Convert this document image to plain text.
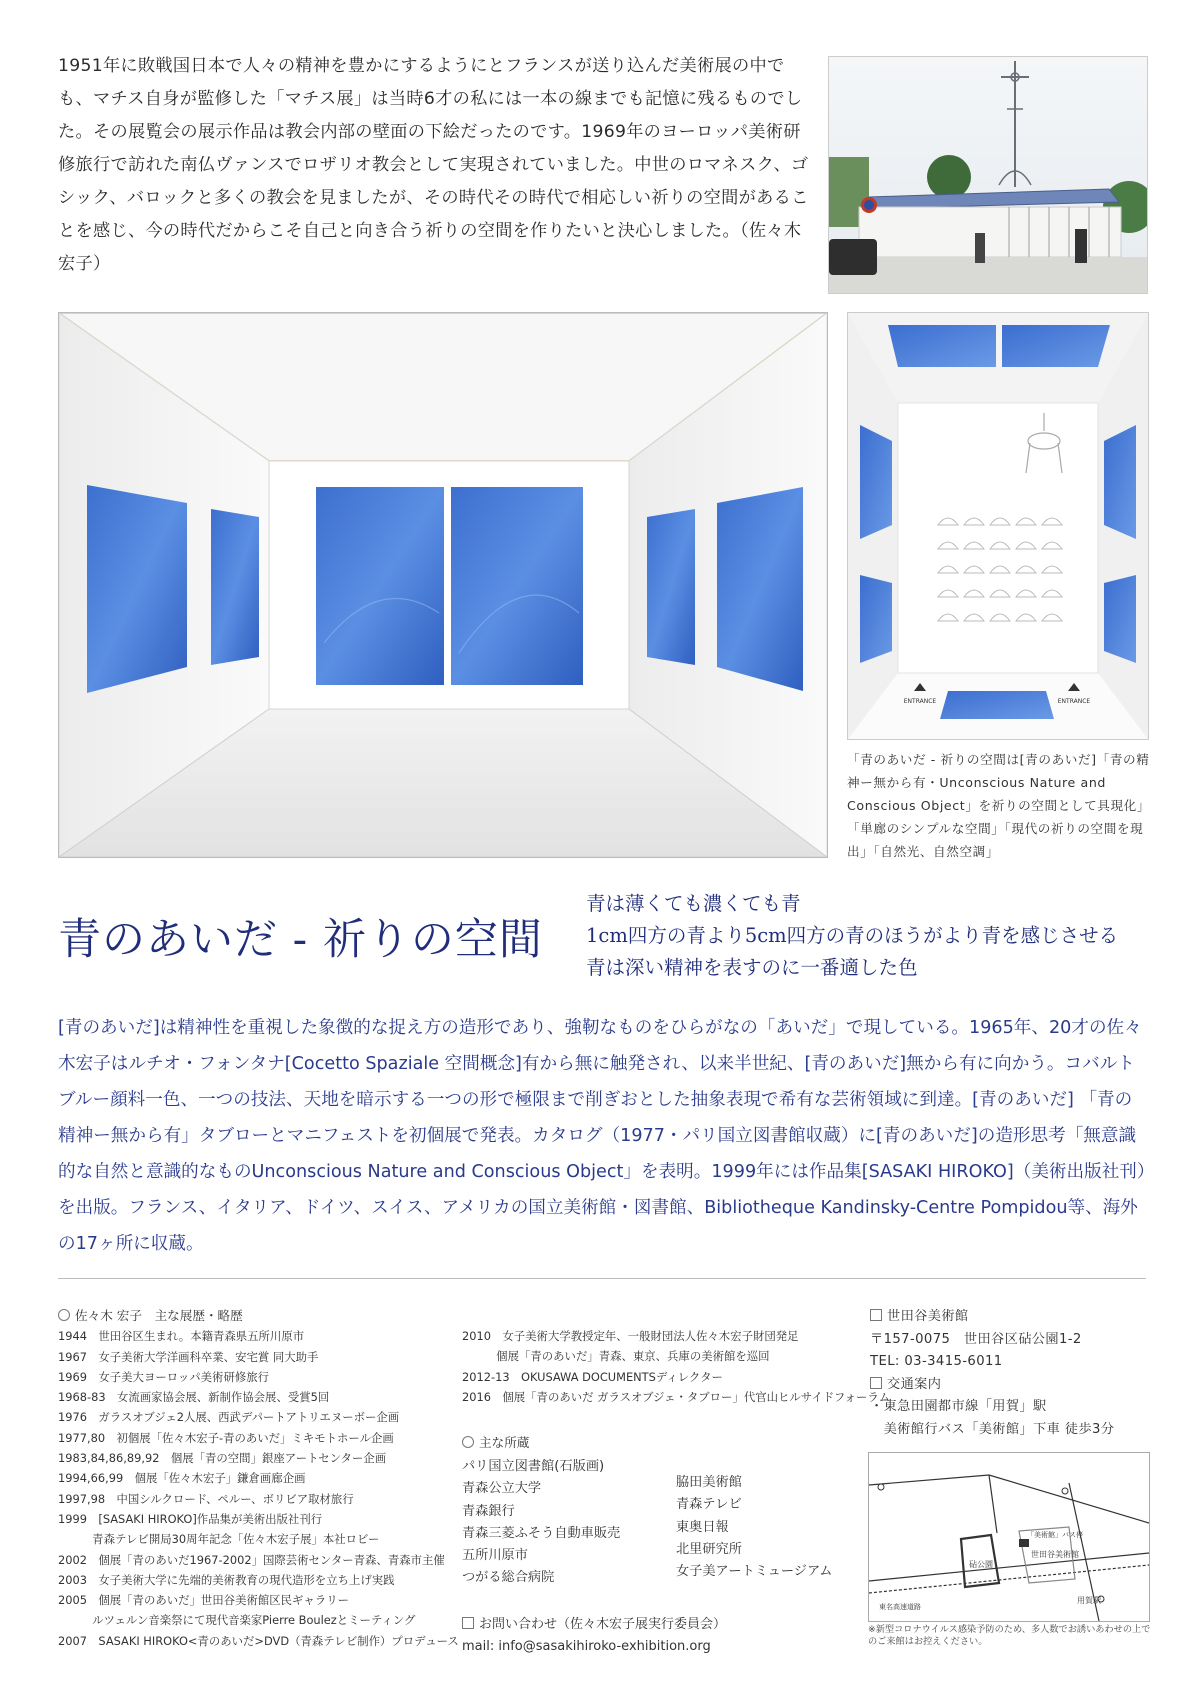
1951年に敗戦国日本で人々の精神を豊かにするようにとフランスが送り込んだ美術展の中でも、マチス自身が監修した「マチス展」は当時6才の私には一本の線までも記憶に残るものでした。その展覧会の展示作品は教会内部の壁面の下絵だったのです。1969年のヨーロッパ美術研修旅行で訪れた南仏ヴァンスでロザリオ教会として実現されていました。中世のロマネスク、ゴシック、バロックと多くの教会を見ましたが、その時代その時代で相応しい祈りの空間があることを感じ、今の時代だからこそ自己と向き合う祈りの空間を作りたいと決心しました。（佐々木宏子）

ENTRANCE	ENTRANCE

「青のあいだ - 祈りの空間は[青のあいだ]「青の精神ー無から有・Unconscious Nature and Conscious Object」を祈りの空間として具現化」「単廊のシンプルな空間」「現代の祈りの空間を現出」「自然光、自然空調」

青のあいだ - 祈りの空間

青は薄くても濃くても青

1cm四方の青より5cm四方の青のほうがより青を感じさせる

青は深い精神を表すのに一番適した色

[青のあいだ]は精神性を重視した象徴的な捉え方の造形であり、強靭なものをひらがなの「あいだ」で現している。1965年、20才の佐々木宏子はルチオ・フォンタナ[Cocetto Spaziale 空間概念]有から無に触発され、以来半世紀、[青のあいだ]無から有に向かう。コバルトブルー顔料一色、一つの技法、天地を暗示する一つの形で極限まで削ぎおとした抽象表現で希有な芸術領域に到達。[青のあいだ] 「青の精神ー無から有」タブローとマニフェストを初個展で発表。カタログ（1977・パリ国立図書館収蔵）に[青のあいだ]の造形思考「無意識的な自然と意識的なものUnconscious Nature and Conscious Object」を表明。1999年には作品集[SASAKI HIROKO]（美術出版社刊）を出版。フランス、イタリア、ドイツ、スイス、アメリカの国立美術館・図書館、Bibliotheque Kandinsky-Centre Pompidou等、海外の17ヶ所に収蔵。

佐々木 宏子　主な展歴・略歴

1944　世田谷区生まれ。本籍青森県五所川原市

1967　女子美術大学洋画科卒業、安宅賞 同大助手

1969　女子美大ヨーロッパ美術研修旅行

1968-83　女流画家協会展、新制作協会展、受賞5回

1976　ガラスオブジェ2人展、西武デパートアトリエヌーボー企画

1977,80　初個展「佐々木宏子-青のあいだ」ミキモトホール企画

1983,84,86,89,92　個展「青の空間」銀座アートセンター企画

1994,66,99　個展「佐々木宏子」鎌倉画廊企画

1997,98　中国シルクロード、ペルー、ボリビア取材旅行

1999　[SASAKI HIROKO]作品集が美術出版社刊行

　　　青森テレビ開局30周年記念「佐々木宏子展」本社ロビー

2002　個展「青のあいだ1967-2002」国際芸術センター青森、青森市主催

2003　女子美術大学に先端的美術教育の現代造形を立ち上げ実践

2005　個展「青のあいだ」世田谷美術館区民ギャラリー

　　　ルツェルン音楽祭にて現代音楽家Pierre Boulezとミーティング

2007　SASAKI HIROKO<青のあいだ>DVD（青森テレビ制作）プロデュース

2010　女子美術大学教授定年、一般財団法人佐々木宏子財団発足

　　　個展「青のあいだ」青森、東京、兵庫の美術館を巡回

2012-13　OKUSAWA DOCUMENTSディレクター

2016　個展「青のあいだ ガラスオブジェ・タブロー」代官山ヒルサイドフォーラム

主な所蔵

パリ国立図書館(石版画)

青森公立大学

青森銀行

青森三菱ふそう自動車販売

五所川原市

つがる総合病院

脇田美術館

青森テレビ

東奥日報

北里研究所

女子美アートミュージアム

お問い合わせ（佐々木宏子展実行委員会）

mail: info@sasakihiroko-exhibition.org

世田谷美術館

〒157-0075　世田谷区砧公園1-2

TEL: 03-3415-6011

交通案内

・東急田園都市線「用賀」駅

　美術館行バス「美術館」下車 徒歩3分

用賀駅
世田谷美術館
砧公園
「美術館」バス停
東名高速道路

※新型コロナウイルス感染予防のため、多人数でお誘いあわせの上でのご来館はお控えください。
